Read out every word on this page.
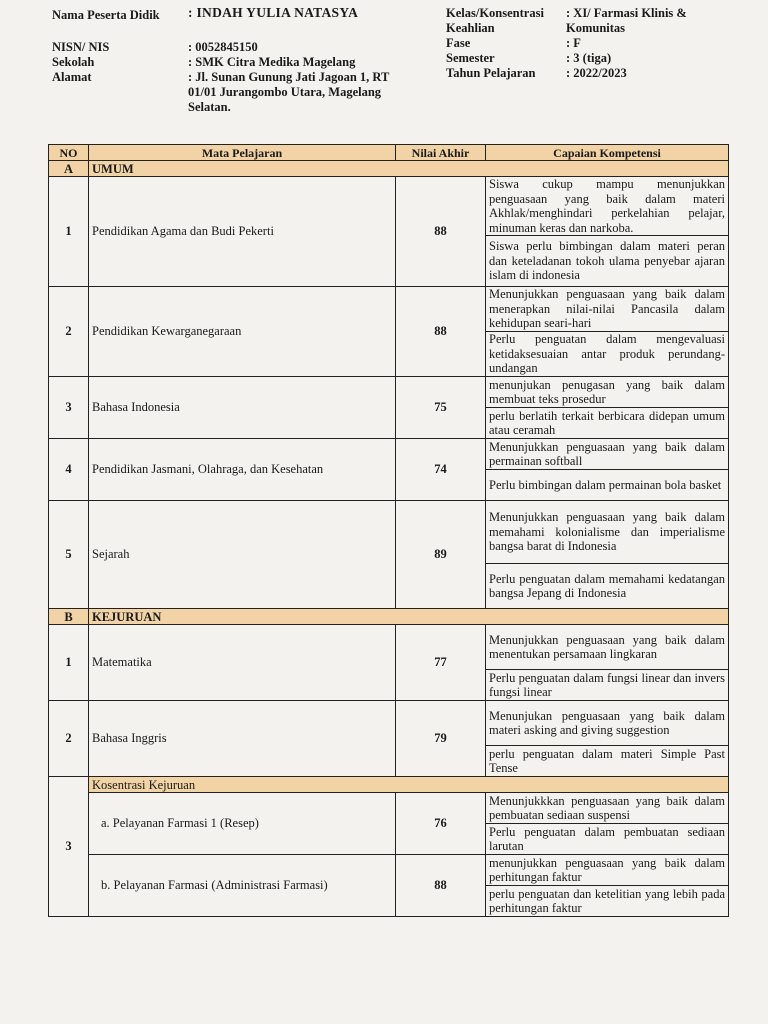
Nama Peserta Didik : INDAH YULIA NATASYA
NISN/ NIS	: 0052845150
Sekolah	: SMK Citra Medika Magelang
Alamat	: Jl. Sunan Gunung Jati Jagoan 1, RT 01/01 Jurangombo Utara, Magelang Selatan.
Kelas/Konsentrasi Keahlian
: XI/ Farmasi Klinis & Komunitas
Fase	: F
Semester	: 3 (tiga)
Tahun Pelajaran : 2022/2023
NO	Mata Pelajaran	Nilai Akhir	Capaian Kompetensi
A	UMUM		
1	Pendidikan Agama dan Budi Pekerti	88	Siswa cukup mampu menunjukkan penguasaan yang baik dalam materi Akhlak/menghindari perkelahian pelajar, minuman keras dan narkoba.
			Siswa perlu bimbingan dalam materi peran dan keteladanan tokoh ulama penyebar ajaran islam di indonesia
2	Pendidikan Kewarganegaraan	88	Menunjukkan penguasaan yang baik dalam menerapkan nilai-nilai Pancasila dalam kehidupan seari-hari
			Perlu penguatan dalam mengevaluasi ketidaksesuaian antar produk perundang-undangan
3	Bahasa Indonesia	75	menunjukan penugasan yang baik dalam membuat teks prosedur
			perlu berlatih terkait berbicara didepan umum atau ceramah
4	Pendidikan Jasmani, Olahraga, dan Kesehatan	74	Menunjukkan penguasaan yang baik dalam permainan softball
			Perlu bimbingan dalam permainan bola basket
5	Sejarah	89	Menunjukkan penguasaan yang baik dalam memahami kolonialisme dan imperialisme bangsa barat di Indonesia
			Perlu penguatan dalam memahami kedatangan bangsa Jepang di Indonesia
B	KEJURUAN		
1	Matematika	77	Menunjukkan penguasaan yang baik dalam menentukan persamaan lingkaran
			Perlu penguatan dalam fungsi linear dan invers fungsi linear
2	Bahasa Inggris	79	Menunjukan penguasaan yang baik dalam materi asking and giving suggestion
			perlu penguatan dalam materi Simple Past Tense
3	Kosentrasi Kejuruan		
	a. Pelayanan Farmasi 1 (Resep)	76	Menunjukkkan penguasaan yang baik dalam pembuatan sediaan suspensi
			Perlu penguatan dalam pembuatan sediaan larutan
	b. Pelayanan Farmasi (Administrasi Farmasi)	88	menunjukkan penguasaan yang baik dalam perhitungan faktur
			perlu penguatan dan ketelitian yang lebih pada perhitungan faktur
